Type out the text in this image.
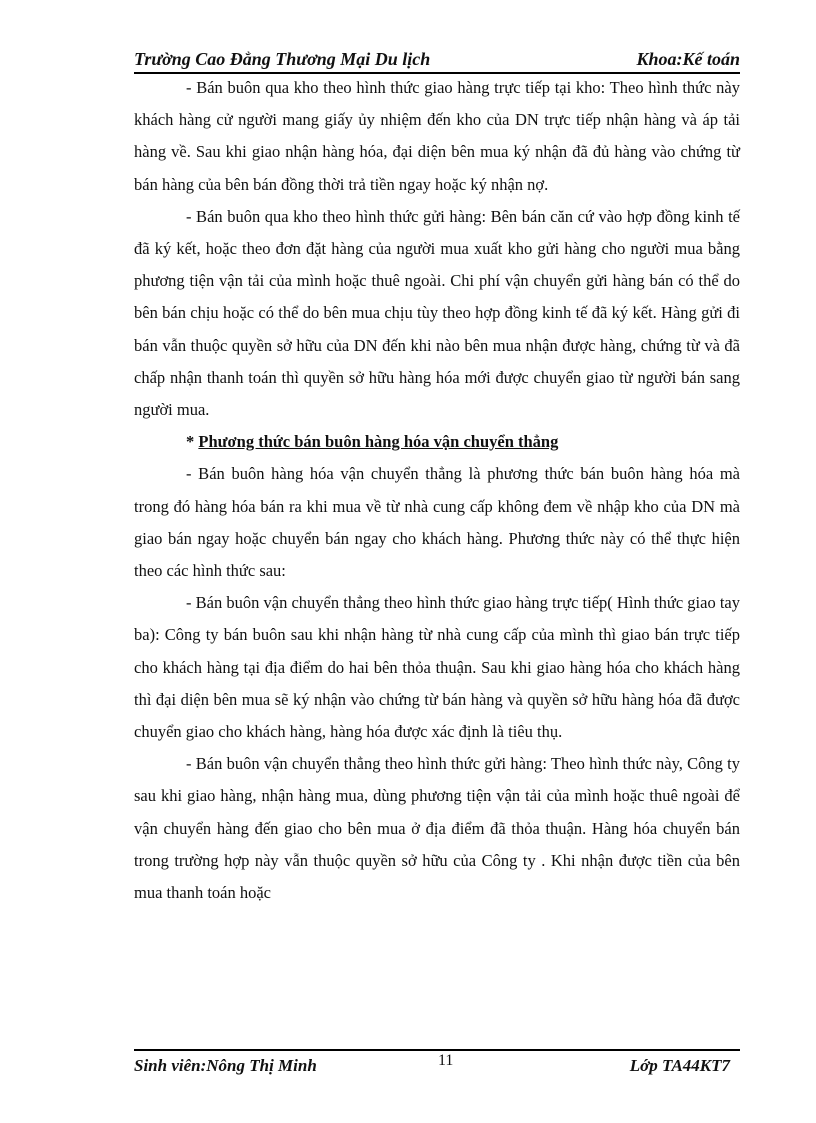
Trường Cao Đẳng Thương Mại Du lịch	Khoa:Kế toán

- Bán buôn qua kho theo hình thức giao hàng trực tiếp tại kho: Theo hình thức này khách hàng cử người mang giấy ủy nhiệm đến kho của DN trực tiếp nhận hàng và áp tải hàng về. Sau khi giao nhận hàng hóa, đại diện bên mua ký nhận đã đủ hàng vào chứng từ bán hàng của bên bán đồng thời trả tiền ngay hoặc ký nhận nợ.

- Bán buôn qua kho theo hình thức gửi hàng: Bên bán căn cứ vào hợp đồng kinh tế đã ký kết, hoặc theo đơn đặt hàng của người mua xuất kho gửi hàng cho người mua bằng phương tiện vận tải của mình hoặc thuê ngoài. Chi phí vận chuyển gửi hàng bán có thể do bên bán chịu hoặc có thể do bên mua chịu tùy theo hợp đồng kinh tế đã ký kết. Hàng gửi đi bán vẫn thuộc quyền sở hữu của DN đến khi nào bên mua nhận được hàng, chứng từ và đã chấp nhận thanh toán thì quyền sở hữu hàng hóa mới được chuyển giao từ người bán sang người mua.

* Phương thức bán buôn hàng hóa vận chuyển thẳng

- Bán buôn hàng hóa vận chuyển thẳng là phương thức bán buôn hàng hóa mà trong đó hàng hóa bán ra khi mua về từ nhà cung cấp không đem về nhập kho của DN mà giao bán ngay hoặc chuyển bán ngay cho khách hàng. Phương thức này có thể thực hiện theo các hình thức sau:

- Bán buôn vận chuyển thẳng theo hình thức giao hàng trực tiếp( Hình thức giao tay ba): Công ty bán buôn sau khi nhận hàng từ nhà cung cấp của mình thì giao bán trực tiếp cho khách hàng tại địa điểm do hai bên thỏa thuận. Sau khi giao hàng hóa cho khách hàng thì đại diện bên mua sẽ ký nhận vào chứng từ bán hàng và quyền sở hữu hàng hóa đã được chuyển giao cho khách hàng, hàng hóa được xác định là tiêu thụ.

- Bán buôn vận chuyển thẳng theo hình thức gửi hàng: Theo hình thức này, Công ty sau khi giao hàng, nhận hàng mua, dùng phương tiện vận tải của mình hoặc thuê ngoài để vận chuyển hàng đến giao cho bên mua ở địa điểm đã thỏa thuận. Hàng hóa chuyển bán trong trường hợp này vẫn thuộc quyền sở hữu của Công ty . Khi nhận được tiền của bên mua thanh toán hoặc

Sinh viên:Nông Thị Minh	11	Lớp TA44KT7
